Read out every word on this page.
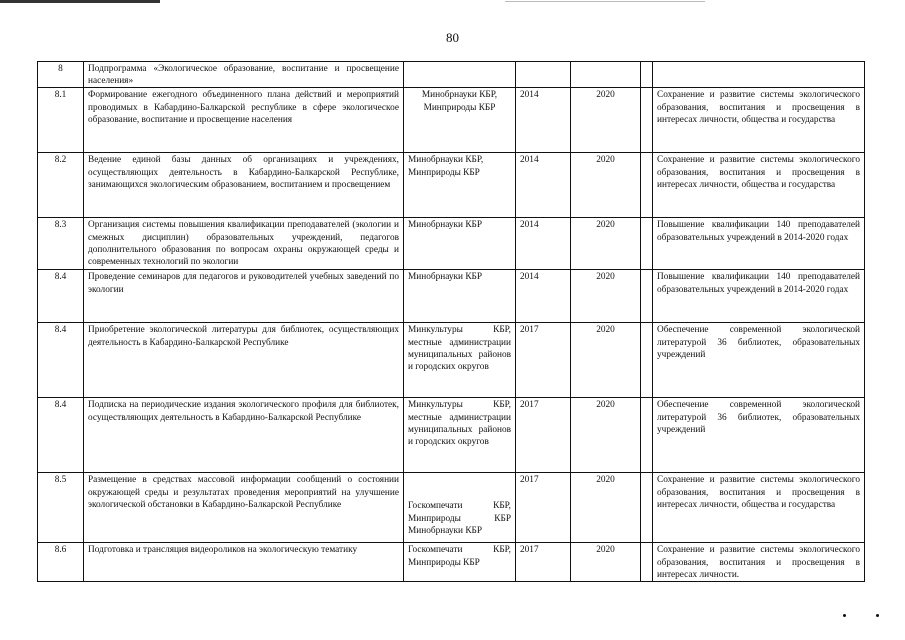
80
8	Подпрограмма «Экологическое образование, воспитание и просвещение населения»					
8.1	Формирование ежегодного объединенного плана действий и мероприятий проводимых в Кабардино-Балкарской республике в сфере экологическое образование, воспитание и просвещение населения	Минобрнауки КБР, Минприроды КБР	2014	2020		Сохранение и развитие системы экологического образования, воспитания и просвещения в интересах личности, общества и государства
8.2	Ведение единой базы данных об организациях и учреждениях, осуществляющих деятельность в Кабардино-Балкарской Республике, занимающихся экологическим образованием, воспитанием и просвещением	Минобрнауки КБР, Минприроды КБР	2014	2020		Сохранение и развитие системы экологического образования, воспитания и просвещения в интересах личности, общества и государства
8.3	Организация системы повышения квалификации преподавателей (экологии и смежных дисциплин) образовательных учреждений, педагогов дополнительного образования по вопросам охраны окружающей среды и современных технологий по экологии	Минобрнауки КБР	2014	2020		Повышение квалификации 140 преподавателей образовательных учреждений в 2014-2020 годах
8.4	Проведение семинаров для педагогов и руководителей учебных заведений по экологии	Минобрнауки КБР	2014	2020		Повышение квалификации 140 преподавателей образовательных учреждений в 2014-2020 годах
8.4	Приобретение экологической литературы для библиотек, осуществляющих деятельность в Кабардино-Балкарской Республике	Минкультуры КБР, местные администрации муниципальных районов и городских округов	2017	2020		Обеспечение современной экологической литературой 36 библиотек, образовательных учреждений
8.4	Подписка на периодические издания экологического профиля для библиотек, осуществляющих деятельность в Кабардино-Балкарской Республике	Минкультуры КБР, местные администрации муниципальных районов и городских округов	2017	2020		Обеспечение современной экологической литературой 36 библиотек, образовательных учреждений
8.5	Размещение в средствах массовой информации сообщений о состоянии окружающей среды и результатах проведения мероприятий на улучшение экологической обстановки в Кабардино-Балкарской Республике	Госкомпечати КБР, Минприроды КБР Минобрнауки КБР	2017	2020		Сохранение и развитие системы экологического образования, воспитания и просвещения в интересах личности, общества и государства
8.6	Подготовка и трансляция видеороликов на экологическую тематику	Госкомпечати КБР, Минприроды КБР	2017	2020		Сохранение и развитие системы экологического образования, воспитания и просвещения в интересах личности.
